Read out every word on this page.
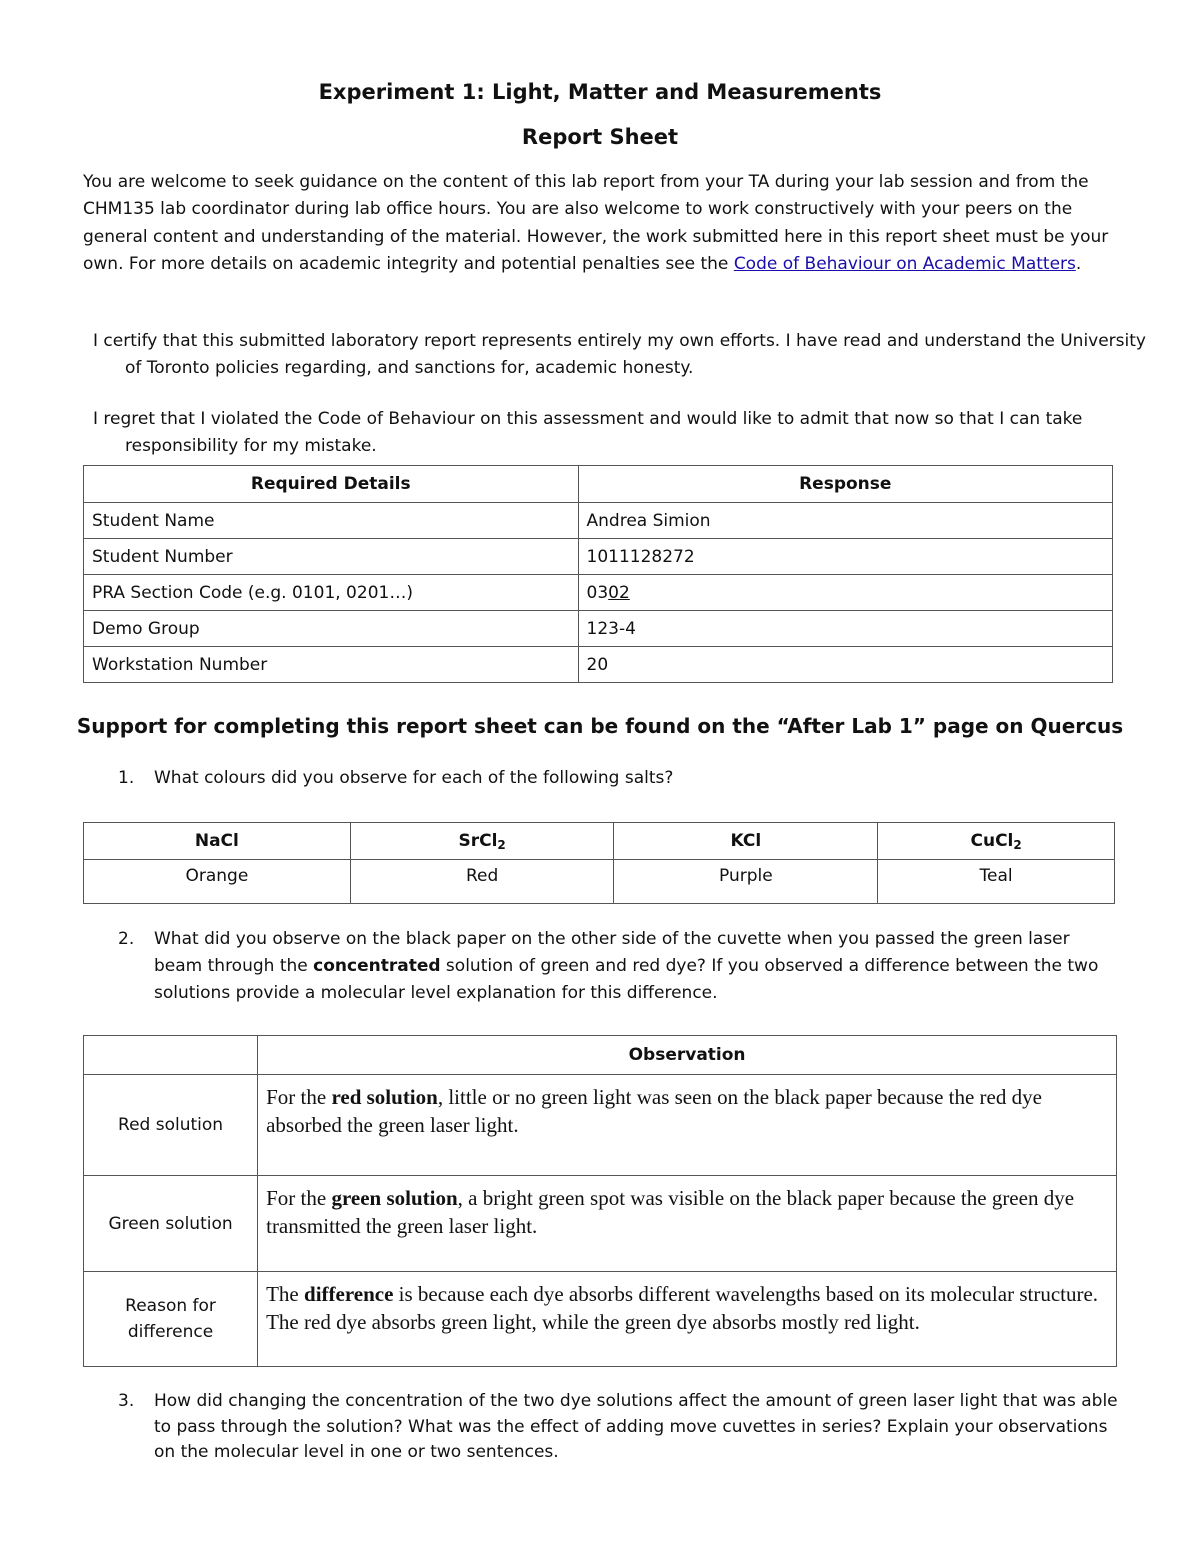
Experiment 1: Light, Matter and Measurements
Report Sheet

You are welcome to seek guidance on the content of this lab report from your TA during your lab session and from the CHM135 lab coordinator during lab office hours. You are also welcome to work constructively with your peers on the general content and understanding of the material. However, the work submitted here in this report sheet must be your own. For more details on academic integrity and potential penalties see the Code of Behaviour on Academic Matters.

I certify that this submitted laboratory report represents entirely my own efforts. I have read and understand the University of Toronto policies regarding, and sanctions for, academic honesty.

I regret that I violated the Code of Behaviour on this assessment and would like to admit that now so that I can take responsibility for my mistake.

Required Details	Response
Student Name	Andrea Simion
Student Number	1011128272
PRA Section Code (e.g. 0101, 0201…)	0302
Demo Group	123-4
Workstation Number	20
Support for completing this report sheet can be found on the “After Lab 1” page on Quercus
1.	What colours did you observe for each of the following salts?
NaCl	SrCl$_2$	KCl	CuCl$_2$
Orange	Red	Purple	Teal
2.	What did you observe on the black paper on the other side of the cuvette when you passed the green laser beam through the concentrated solution of green and red dye? If you observed a difference between the two solutions provide a molecular level explanation for this difference.
	Observation
Red solution	For the red solution, little or no green light was seen on the black paper because the red dye absorbed the green laser light.
Green solution	For the green solution, a bright green spot was visible on the black paper because the green dye transmitted the green laser light.
Reason for difference	The difference is because each dye absorbs different wavelengths based on its molecular structure. The red dye absorbs green light, while the green dye absorbs mostly red light.
3.	How did changing the concentration of the two dye solutions affect the amount of green laser light that was able to pass through the solution? What was the effect of adding move cuvettes in series? Explain your observations on the molecular level in one or two sentences.
